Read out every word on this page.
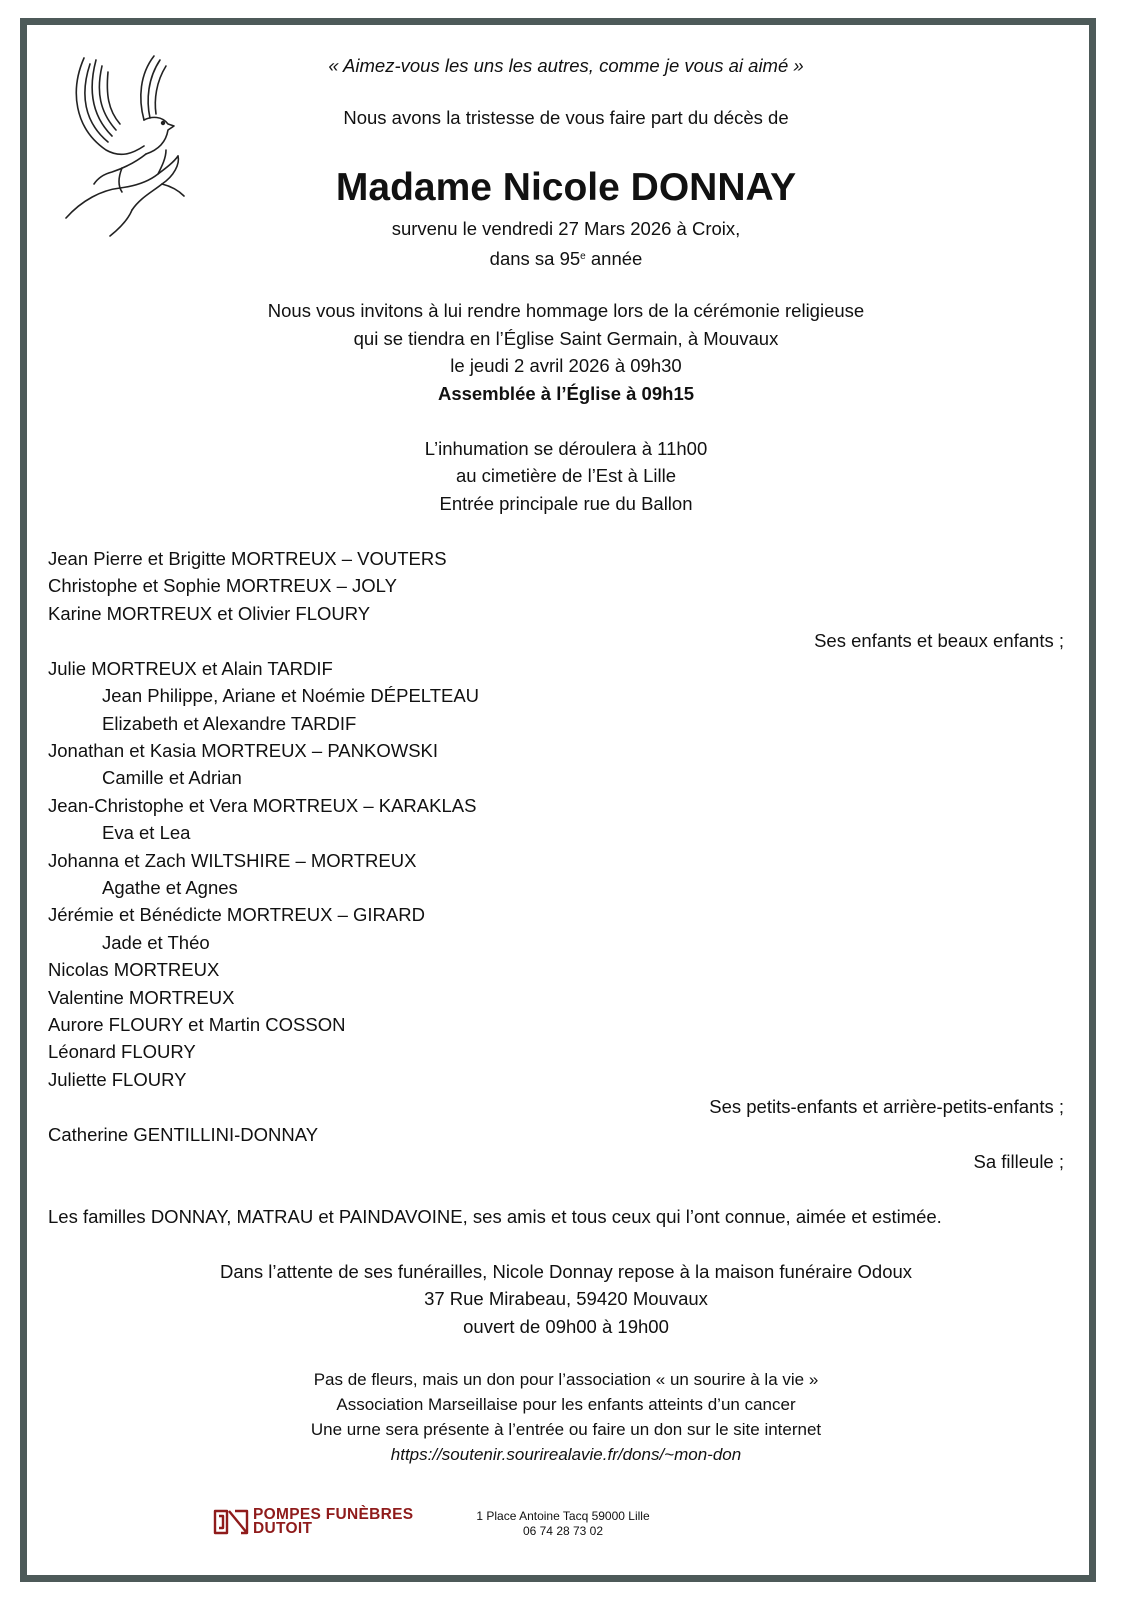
« Aimez-vous les uns les autres, comme je vous ai aimé »
Nous avons la tristesse de vous faire part du décès de
Madame Nicole DONNAY
survenu le vendredi 27 Mars 2026 à Croix,
dans sa 95e année
Nous vous invitons à lui rendre hommage lors de la cérémonie religieuse
qui se tiendra en l’Église Saint Germain, à Mouvaux
le jeudi 2 avril 2026 à 09h30
Assemblée à l’Église à 09h15
L’inhumation se déroulera à 11h00
au cimetière de l’Est à Lille
Entrée principale rue du Ballon
Jean Pierre et Brigitte MORTREUX – VOUTERS
Christophe et Sophie MORTREUX – JOLY
Karine MORTREUX et Olivier FLOURY
Ses enfants et beaux enfants ;
Julie MORTREUX et Alain TARDIF
Jean Philippe, Ariane et Noémie DÉPELTEAU
Elizabeth et Alexandre TARDIF
Jonathan et Kasia MORTREUX – PANKOWSKI
Camille et Adrian
Jean-Christophe et Vera MORTREUX – KARAKLAS
Eva et Lea
Johanna et Zach WILTSHIRE – MORTREUX
Agathe et Agnes
Jérémie et Bénédicte MORTREUX – GIRARD
Jade et Théo
Nicolas MORTREUX
Valentine MORTREUX
Aurore FLOURY et Martin COSSON
Léonard FLOURY
Juliette FLOURY
Ses petits-enfants et arrière-petits-enfants ;
Catherine GENTILLINI-DONNAY
Sa filleule ;
Les familles DONNAY, MATRAU et PAINDAVOINE, ses amis et tous ceux qui l’ont connue, aimée et estimée.
Dans l’attente de ses funérailles, Nicole Donnay repose à la maison funéraire Odoux
37 Rue Mirabeau, 59420 Mouvaux
ouvert de 09h00 à 19h00
Pas de fleurs, mais un don pour l’association « un sourire à la vie »
Association Marseillaise pour les enfants atteints d’un cancer
Une urne sera présente à l’entrée ou faire un don sur le site internet
https://soutenir.sourirealavie.fr/dons/~mon-don
POMPES FUNÈBRES
DUTOIT
1 Place Antoine Tacq 59000 Lille
06 74 28 73 02
